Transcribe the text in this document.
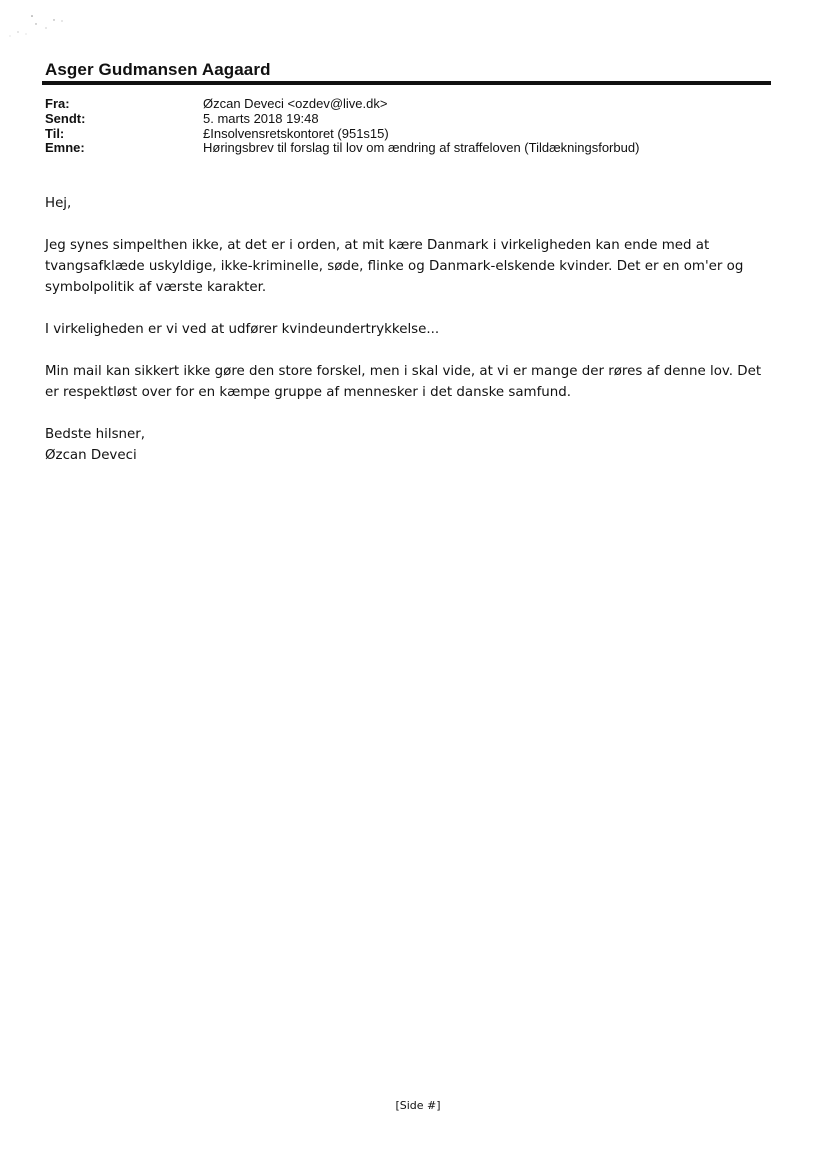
Asger Gudmansen Aagaard
Fra:	Øzcan Deveci <ozdev@live.dk>
Sendt:	5. marts 2018 19:48
Til:	£Insolvensretskontoret (951s15)
Emne:	Høringsbrev til forslag til lov om ændring af straffeloven (Tildækningsforbud)

Hej,

Jeg synes simpelthen ikke, at det er i orden, at mit kære Danmark i virkeligheden kan ende med at
tvangsafklæde uskyldige, ikke-kriminelle, søde, flinke og Danmark-elskende kvinder. Det er en om'er og
symbolpolitik af værste karakter.

I virkeligheden er vi ved at udfører kvindeundertrykkelse...

Min mail kan sikkert ikke gøre den store forskel, men i skal vide, at vi er mange der røres af denne lov. Det
er respektløst over for en kæmpe gruppe af mennesker i det danske samfund.

Bedste hilsner,
Øzcan Deveci

[Side #]
